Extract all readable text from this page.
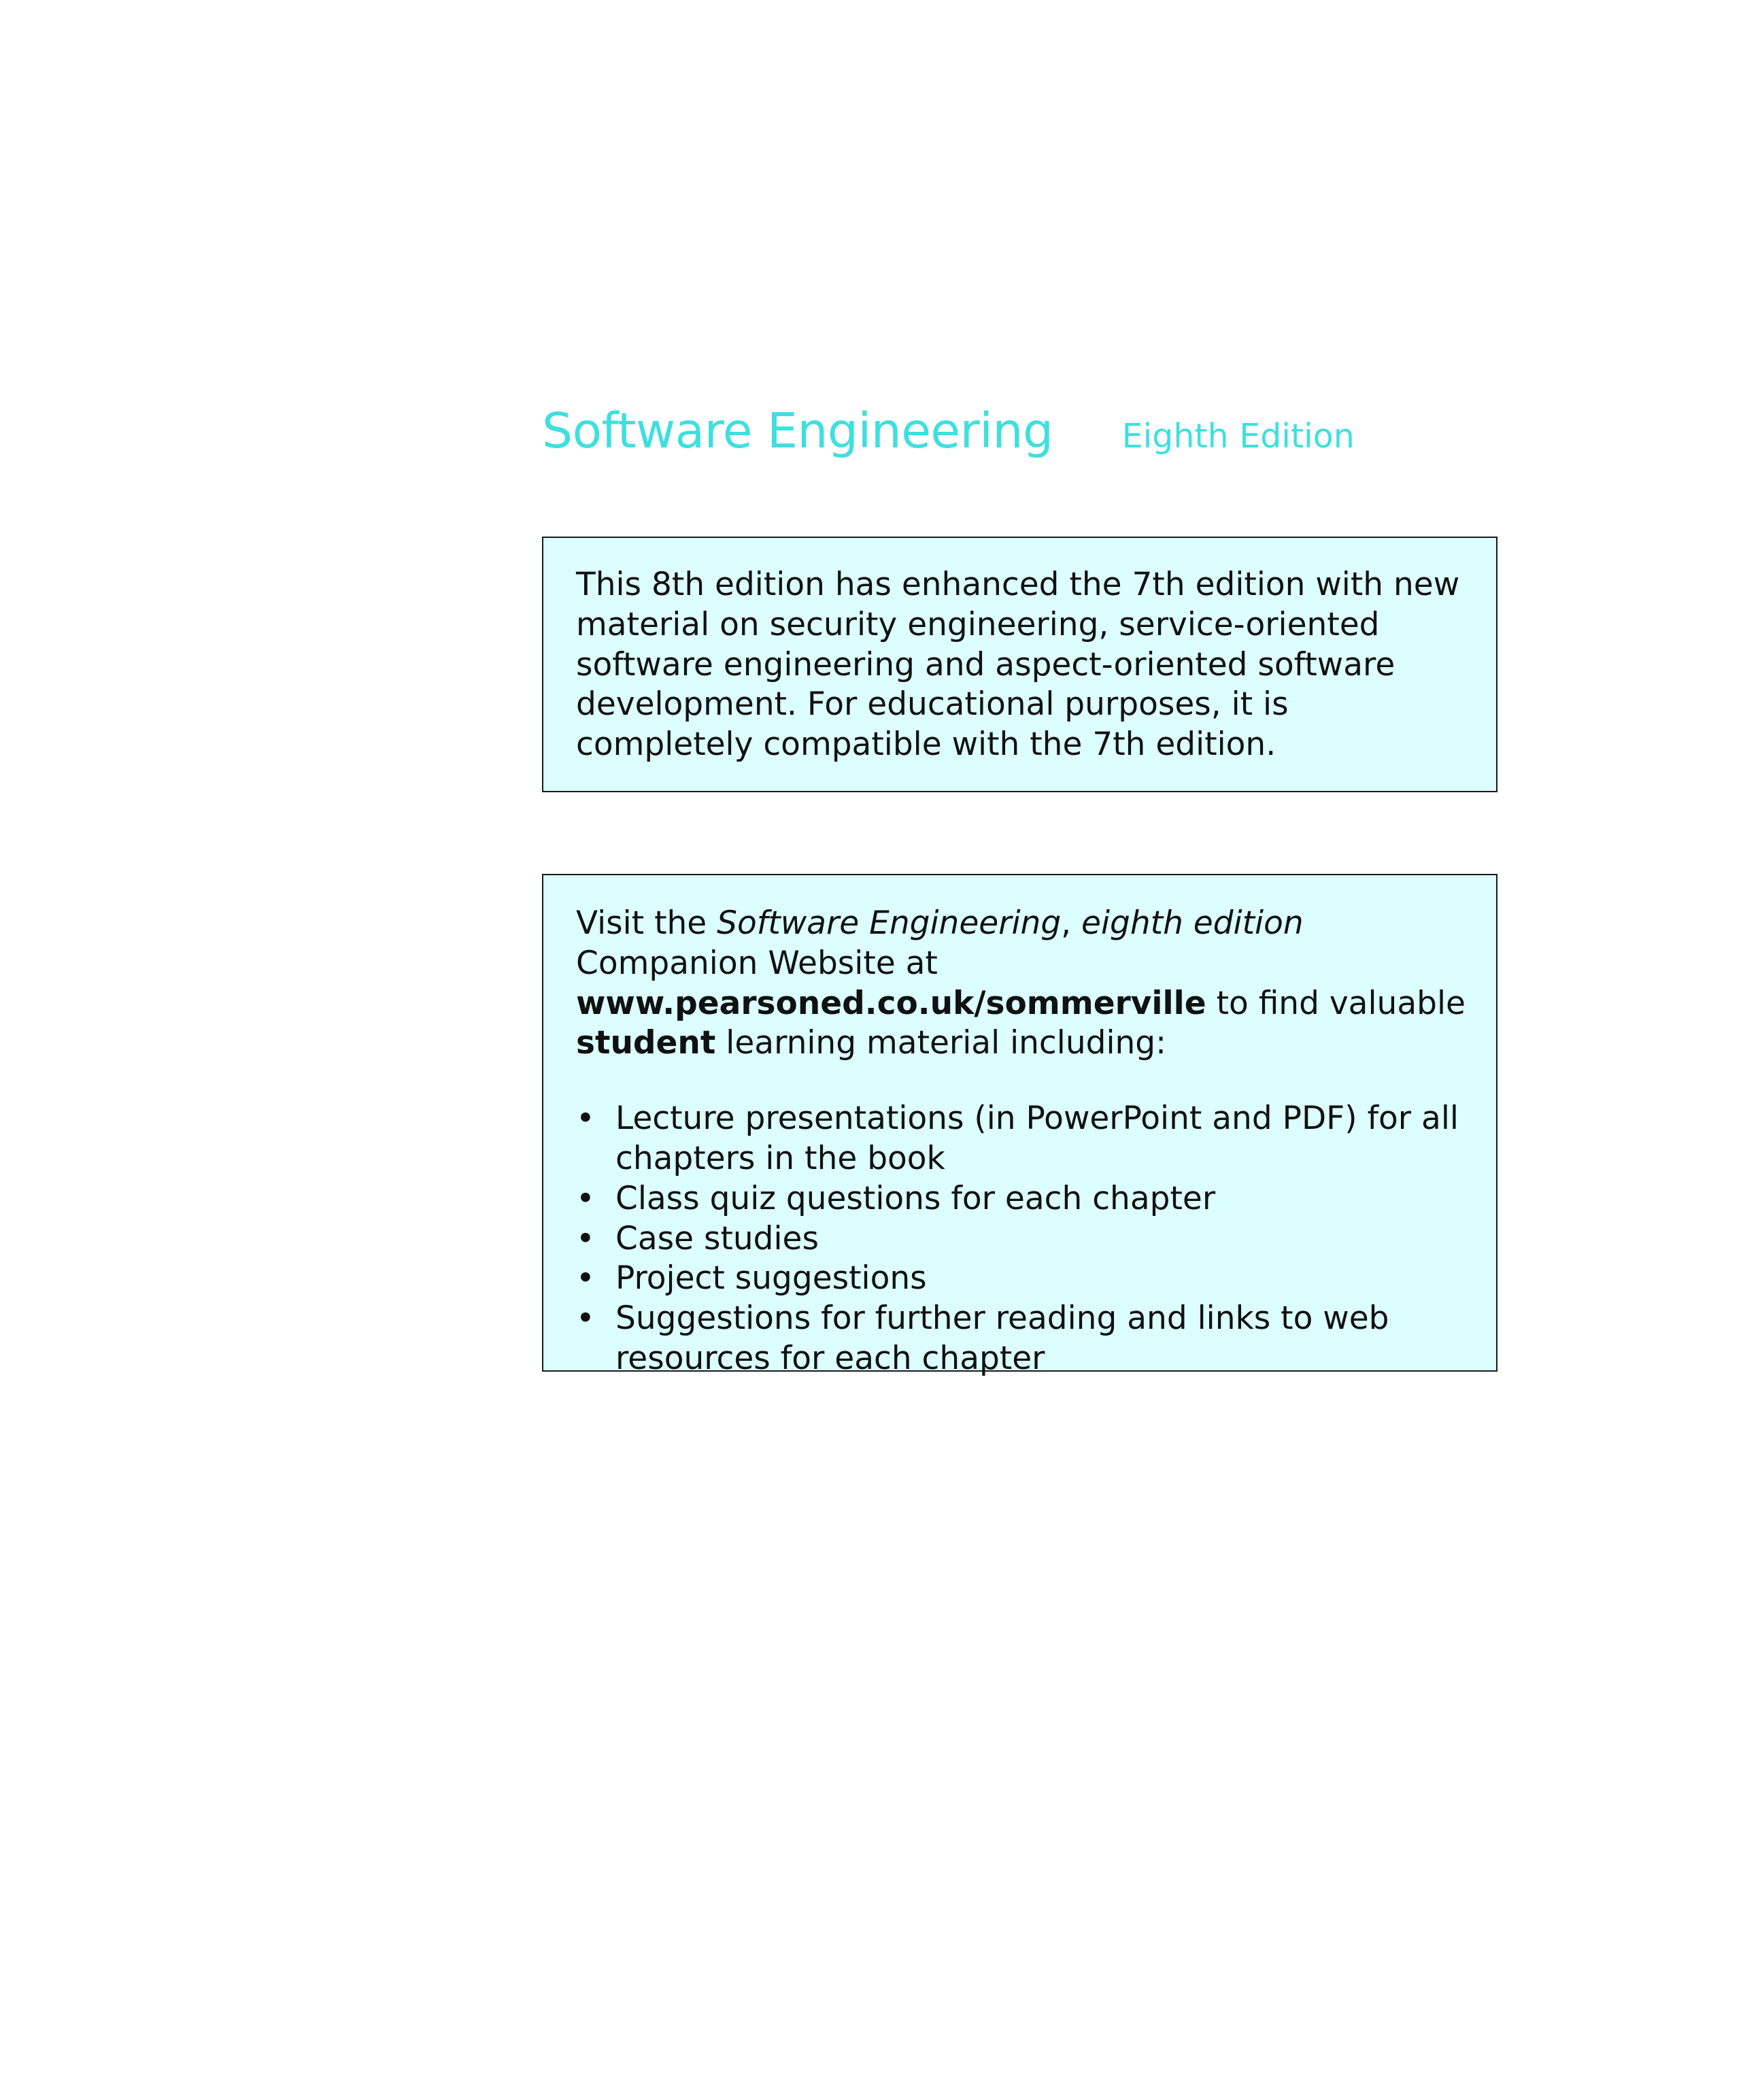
Software Engineering Eighth Edition

This 8th edition has enhanced the 7th edition with new material on security engineering, service-oriented software engineering and aspect-oriented software development. For educational purposes, it is completely compatible with the 7th edition.

Visit the Software Engineering, eighth edition Companion Website at www.pearsoned.co.uk/sommerville to find valuable student learning material including:

• Lecture presentations (in PowerPoint and PDF) for all chapters in the book
• Class quiz questions for each chapter
• Case studies
• Project suggestions
• Suggestions for further reading and links to web resources for each chapter
